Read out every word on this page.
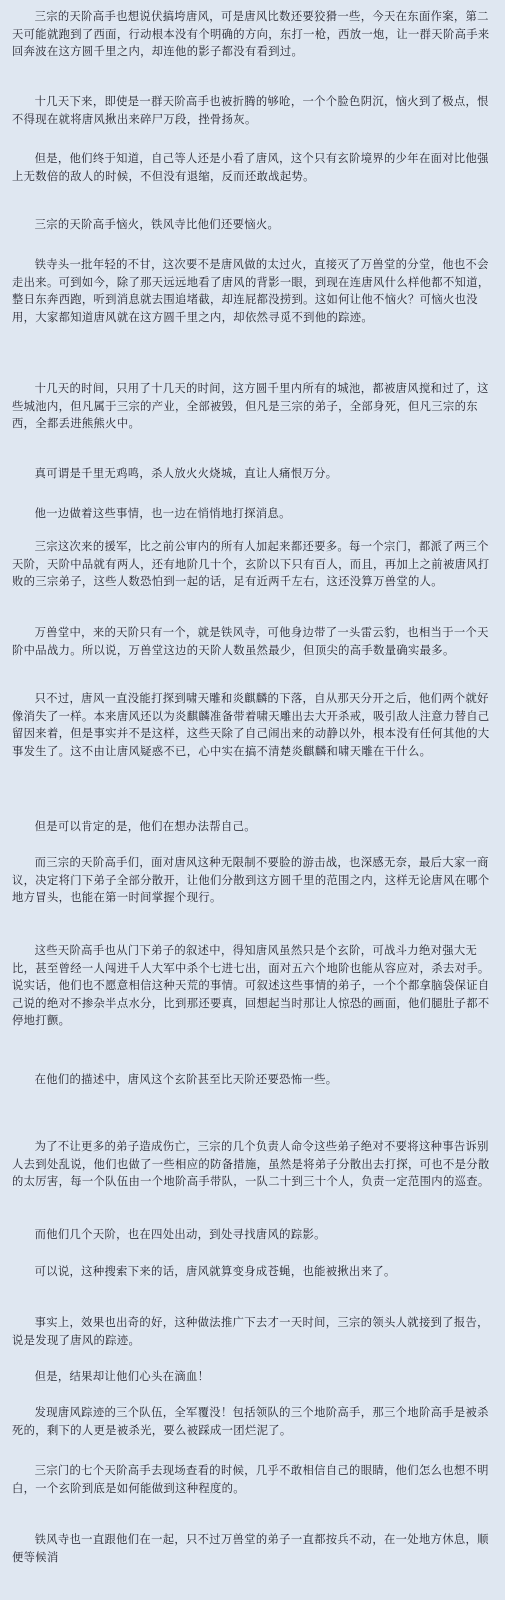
三宗的天阶高手也想说伏搞垮唐风，可是唐风比数还要狡猾一些，今天在东面作案，第二天可能就跑到了西面，行动根本没有个明确的方向，东打一枪，西放一炮，让一群天阶高手来回奔波在这方圆千里之内，却连他的影子都没有看到过。

十几天下来，即使是一群天阶高手也被折腾的够呛，一个个脸色阴沉，恼火到了极点，恨不得现在就将唐风揪出来碎尸万段，挫骨扬灰。

但是，他们终于知道，自己等人还是小看了唐风，这个只有玄阶境界的少年在面对比他强上无数倍的敌人的时候，不但没有退缩，反而还敢战起势。

三宗的天阶高手恼火，铁风寺比他们还要恼火。

铁寺头一批年轻的不甘，这次要不是唐风做的太过火，直接灭了万兽堂的分堂，他也不会走出来。可到如今，除了那天远远地看了唐风的背影一眼，到现在连唐风什么样他都不知道，整日东奔西跑，听到消息就去围追堵截，却连屁都没捞到。这如何让他不恼火？可恼火也没用，大家都知道唐风就在这方圆千里之内，却依然寻觅不到他的踪迹。

十几天的时间，只用了十几天的时间，这方圆千里内所有的城池，都被唐风搅和过了，这些城池内，但凡属于三宗的产业，全部被毁，但凡是三宗的弟子，全部身死，但凡三宗的东西，全都丢进熊熊火中。

真可谓是千里无鸡鸣，杀人放火火烧城，直让人痛恨万分。

他一边做着这些事情，也一边在悄悄地打探消息。

三宗这次来的援军，比之前公审内的所有人加起来都还要多。每一个宗门，都派了两三个天阶，天阶中品就有两人，还有地阶几十个，玄阶以下只有百人，而且，再加上之前被唐风打败的三宗弟子，这些人数恐怕到一起的话，足有近两千左右，这还没算万兽堂的人。

万兽堂中，来的天阶只有一个，就是铁风寺，可他身边带了一头雷云豹，也相当于一个天阶中品战力。所以说，万兽堂这边的天阶人数虽然最少，但顶尖的高手数量确实最多。

只不过，唐风一直没能打探到啸天雕和炎麒麟的下落，自从那天分开之后，他们两个就好像消失了一样。本来唐风还以为炎麒麟准备带着啸天雕出去大开杀戒，吸引敌人注意力替自己留因来着，但是事实并不是这样，这些天除了自己闹出来的动静以外，根本没有任何其他的大事发生了。这不由让唐风疑惑不已，心中实在搞不清楚炎麒麟和啸天雕在干什么。

但是可以肯定的是，他们在想办法帮自己。

而三宗的天阶高手们，面对唐风这种无限制不要脸的游击战，也深感无奈，最后大家一商议，决定将门下弟子全部分散开，让他们分散到这方圆千里的范围之内，这样无论唐风在哪个地方冒头，也能在第一时间掌握个现行。

这些天阶高手也从门下弟子的叙述中，得知唐风虽然只是个玄阶，可战斗力绝对强大无比，甚至曾经一人闯进千人大军中杀个七进七出，面对五六个地阶也能从容应对，杀去对手。说实话，他们也不愿意相信这种天荒的事情。可叙述这些事情的弟子，一个个都拿脑袋保证自己说的绝对不掺杂半点水分，比到那还要真，回想起当时那让人惊恐的画面，他们腿肚子都不停地打颤。

在他们的描述中，唐风这个玄阶甚至比天阶还要恐怖一些。

为了不让更多的弟子造成伤亡，三宗的几个负责人命令这些弟子绝对不要将这种事告诉别人去到处乱说，他们也做了一些相应的防备措施，虽然是将弟子分散出去打探，可也不是分散的太厉害，每一个队伍由一个地阶高手带队，一队二十到三十个人，负责一定范围内的巡查。

而他们几个天阶，也在四处出动，到处寻找唐风的踪影。

可以说，这种搜索下来的话，唐风就算变身成苍蝇，也能被揪出来了。

事实上，效果也出奇的好，这种做法推广下去才一天时间，三宗的领头人就接到了报告，说是发现了唐风的踪迹。

但是，结果却让他们心头在滴血！

发现唐风踪迹的三个队伍，全军覆没！包括领队的三个地阶高手，那三个地阶高手是被杀死的，剩下的人更是被杀光，要么被踩成一团烂泥了。

三宗门的七个天阶高手去现场查看的时候，几乎不敢相信自己的眼睛，他们怎么也想不明白，一个玄阶到底是如何能做到这种程度的。

铁风寺也一直跟他们在一起，只不过万兽堂的弟子一直都按兵不动，在一处地方休息，顺便等候消
